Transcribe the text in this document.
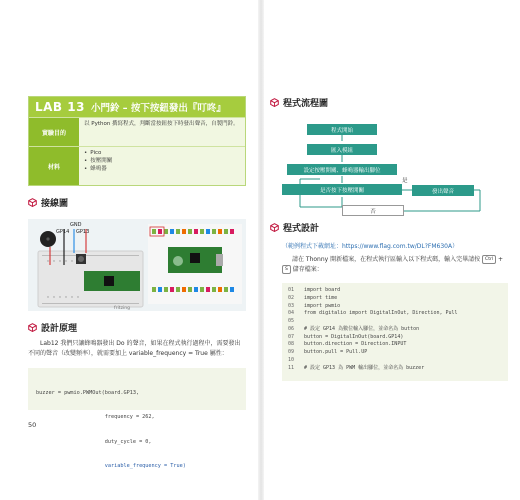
LAB 13 小門鈴 – 按下按鈕發出『叮咚』
實驗目的
以 Python 撰寫程式，判斷當按鈕按下時發出聲音，自製門鈴。
材料
• Pico
• 按壓開關
• 蜂鳴器
接線圖
GND
GP14 GP13
fritzing
設計原理
Lab12 我們只讓蜂鳴器發出 Do 的聲音，如果在程式執行過程中，需要發出不同的聲音（改變頻率），就需要加上 variable_frequency = True 屬性：

buzzer = pwmio.PWMOut(board.GP13,

frequency = 262,

duty_cycle = 0,

variable_frequency = True)

50
程式流程圖
程式開始
匯入模組
設定按壓開關、蜂鳴器輸出腳位
是否按下按壓開關	發出聲音
否
是
程式設計
（範例程式下載網址：https://www.flag.com.tw/DL?FM630A）
請在 Thonny 開新檔案，在程式執行區輸入以下程式碼，輸入完畢請按 Ctrl + S 儲存檔案：
01	import board
02	import time
03	import pwmio
04	from digitalio import DigitalInOut, Direction, Pull
05
06	# 設定 GP14 為數位輸入腳位，並命名為 button
07	button = DigitalInOut(board.GP14)
08	button.direction = Direction.INPUT
09	button.pull = Pull.UP
10
11	# 設定 GP13 為 PWM 輸出腳位，並命名為 buzzer
